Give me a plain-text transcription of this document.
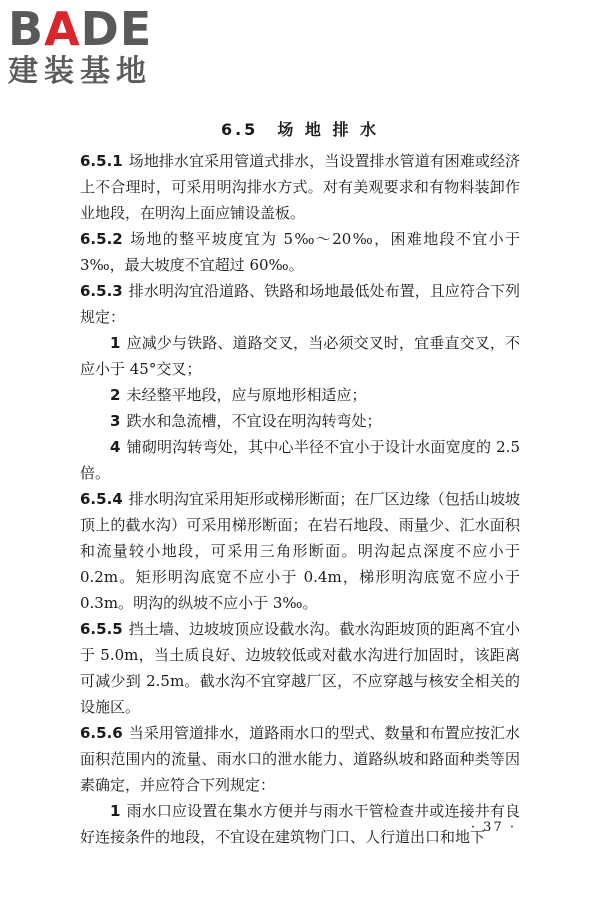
BADE
建装基地
6.5　场 地 排 水

6.5.1 场地排水宜采用管道式排水，当设置排水管道有困难或经济上不合理时，可采用明沟排水方式。对有美观要求和有物料装卸作业地段，在明沟上面应铺设盖板。

6.5.2 场地的整平坡度宜为 5‰～20‰，困难地段不宜小于 3‰，最大坡度不宜超过 60‰。

6.5.3 排水明沟宜沿道路、铁路和场地最低处布置，且应符合下列规定：

1 应减少与铁路、道路交叉，当必须交叉时，宜垂直交叉，不应小于 45°交叉；

2 未经整平地段，应与原地形相适应；

3 跌水和急流槽，不宜设在明沟转弯处；

4 铺砌明沟转弯处，其中心半径不宜小于设计水面宽度的 2.5 倍。

6.5.4 排水明沟宜采用矩形或梯形断面；在厂区边缘（包括山坡坡顶上的截水沟）可采用梯形断面；在岩石地段、雨量少、汇水面积和流量较小地段，可采用三角形断面。明沟起点深度不应小于 0.2m。矩形明沟底宽不应小于 0.4m，梯形明沟底宽不应小于 0.3m。明沟的纵坡不应小于 3‰。

6.5.5 挡土墙、边坡坡顶应设截水沟。截水沟距坡顶的距离不宜小于 5.0m，当土质良好、边坡较低或对截水沟进行加固时，该距离可减少到 2.5m。截水沟不宜穿越厂区，不应穿越与核安全相关的设施区。

6.5.6 当采用管道排水，道路雨水口的型式、数量和布置应按汇水面积范围内的流量、雨水口的泄水能力、道路纵坡和路面种类等因素确定，并应符合下列规定：

1 雨水口应设置在集水方便并与雨水干管检查井或连接井有良好连接条件的地段，不宜设在建筑物门口、人行道出口和地下

· 37 ·
